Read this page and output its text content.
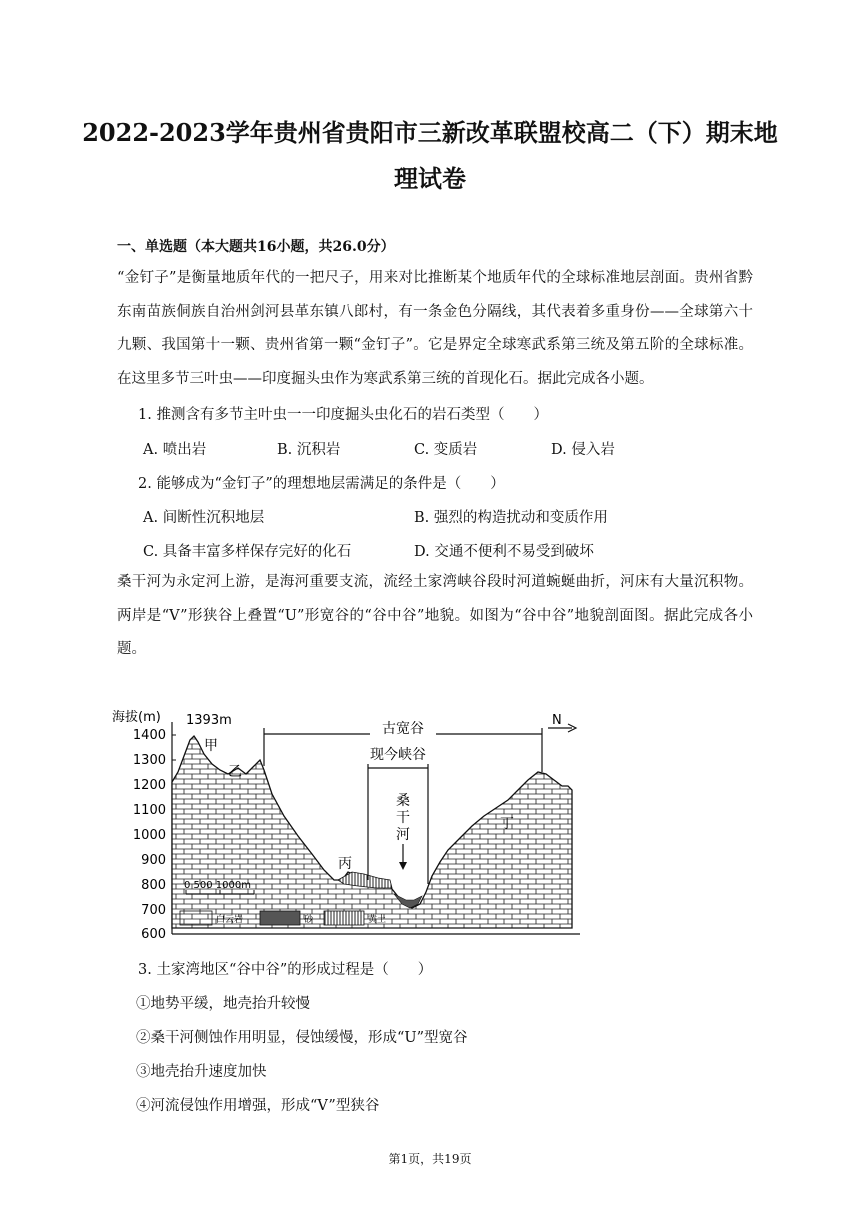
2022-2023学年贵州省贵阳市三新改革联盟校高二（下）期末地
理试卷
一、单选题（本大题共16小题，共26.0分）
“金钉子”是衡量地质年代的一把尺子，用来对比推断某个地质年代的全球标准地层剖面。贵州省黔东南苗族侗族自治州剑河县革东镇八郎村，有一条金色分隔线，其代表着多重身份——全球第六十九颗、我国第十一颗、贵州省第一颗“金钉子”。它是界定全球寒武系第三统及第五阶的全球标准。在这里多节三叶虫——印度掘头虫作为寒武系第三统的首现化石。据此完成各小题。
1. 推测含有多节主叶虫一一印度掘头虫化石的岩石类型（　　）
A. 喷出岩	B. 沉积岩	C. 变质岩	D. 侵入岩
2. 能够成为“金钉子”的理想地层需满足的条件是（　　）
A. 间断性沉积地层	B. 强烈的构造扰动和变质作用
C. 具备丰富多样保存完好的化石	D. 交通不便利不易受到破坏
桑干河为永定河上游，是海河重要支流，流经土家湾峡谷段时河道蜿蜒曲折，河床有大量沉积物。两岸是“V”形狭谷上叠置“U”形宽谷的“谷中谷”地貌。如图为“谷中谷”地貌剖面图。据此完成各小题。
海拔(m)
1400
1300
1200
1100
1000
900
800
700
600
古宽谷
现今峡谷
桑
干
河
1393m
甲
乙
丙
丁
N
0 500 1000m
白云岩	砂	黄土
3. 土家湾地区“谷中谷”的形成过程是（　　）
①地势平缓，地壳抬升较慢
②桑干河侧蚀作用明显，侵蚀缓慢，形成“U”型宽谷
③地壳抬升速度加快
④河流侵蚀作用增强，形成“V”型狭谷
第1页，共19页
